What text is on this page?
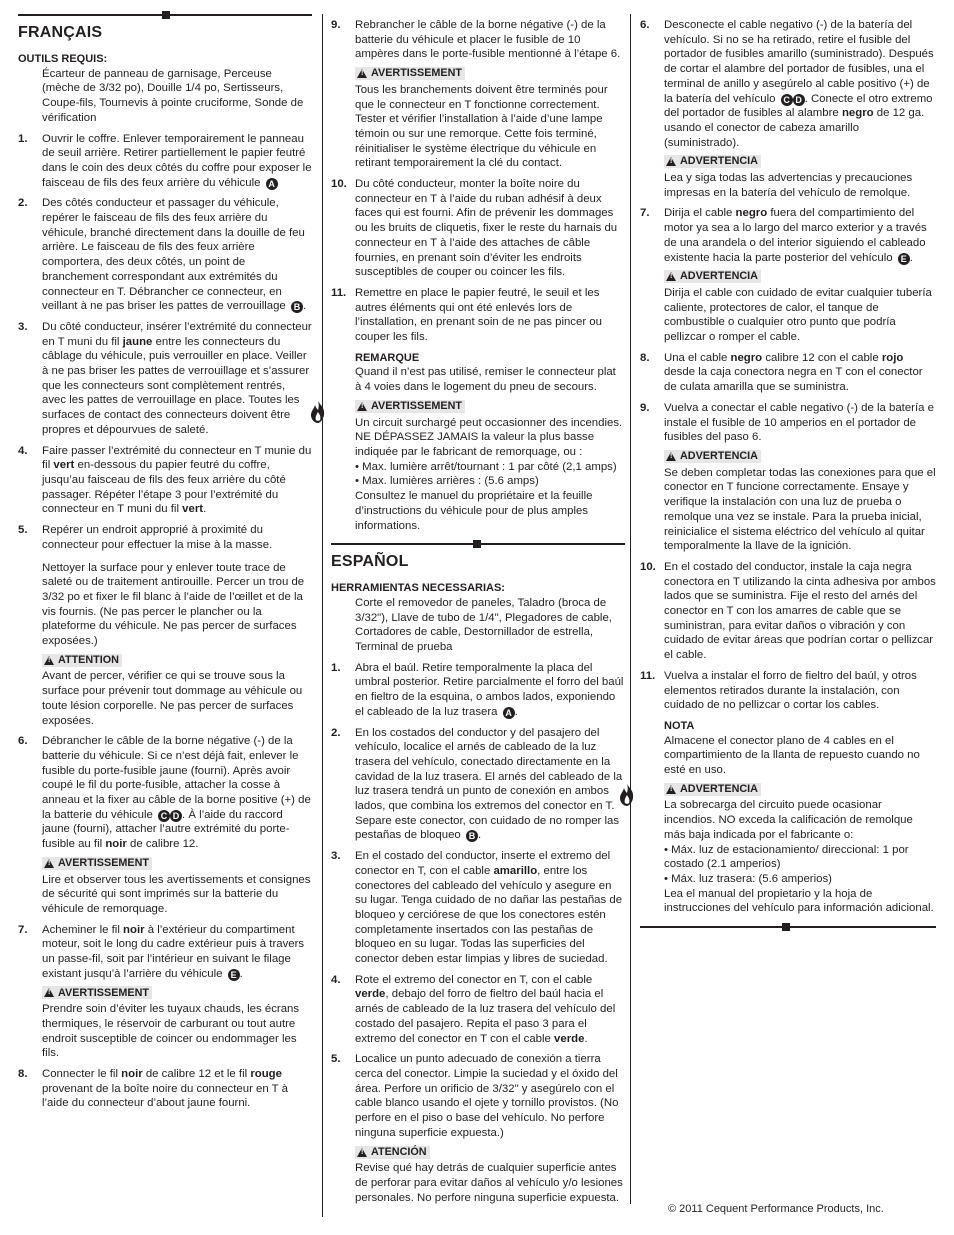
FRANÇAIS

OUTILS REQUIS:

Écarteur de panneau de garnisage, Perceuse (mèche de 3/32 po), Douille 1/4 po, Sertisseurs, Coupe-fils, Tournevis à pointe cruciforme, Sonde de vérification
1. Ouvrir le coffre. Enlever temporairement le panneau de seuil arrière. Retirer partiellement le papier feutré dans le coin des deux côtés du coffre pour exposer le faisceau de fils des feux arrière du véhicule A
2. Des côtés conducteur et passager du véhicule, repérer le faisceau de fils des feux arrière du véhicule, branché directement dans la douille de feu arrière. Le faisceau de fils des feux arrière comportera, des deux côtés, un point de branchement correspondant aux extrémités du connecteur en T. Débrancher ce connecteur, en veillant à ne pas briser les pattes de verrouillage B .
3. Du côté conducteur, insérer l’extrémité du connecteur en T muni du fil jaune entre les connecteurs du câblage du véhicule, puis verrouiller en place. Veiller à ne pas briser les pattes de verrouillage et s’assurer que les connecteurs sont complètement rentrés, avec les pattes de verrouillage en place. Toutes les surfaces de contact des connecteurs doivent être propres et dépourvues de saleté.
4. Faire passer l’extrémité du connecteur en T munie du fil vert en-dessous du papier feutré du coffre, jusqu’au faisceau de fils des feux arrière du côté passager. Répéter l’étape 3 pour l’extrémité du connecteur en T muni du fil vert.
5. Repérer un endroit approprié à proximité du connecteur pour effectuer la mise à la masse.
Nettoyer la surface pour y enlever toute trace de saleté ou de traitement antirouille. Percer un trou de 3/32 po et fixer le fil blanc à l’aide de l’œillet et de la vis fournis. (Ne pas percer le plancher ou la plateforme du véhicule. Ne pas percer de surfaces exposées.)
!
ATTENTION
Avant de percer, vérifier ce qui se trouve sous la surface pour prévenir tout dommage au véhicule ou toute lésion corporelle. Ne pas percer de surfaces exposées.
6. Débrancher le câble de la borne négative (-) de la batterie du véhicule. Si ce n’est déjà fait, enlever le fusible du porte-fusible jaune (fourni). Après avoir coupé le fil du porte-fusible, attacher la cosse à anneau et la fixer au câble de la borne positive (+) de la batterie du véhicule C D . À l’aide du raccord jaune (fourni), attacher l’autre extrémité du porte-fusible au fil noir de calibre 12.
!
AVERTISSEMENT
Lire et observer tous les avertissements et consignes de sécurité qui sont imprimés sur la batterie du véhicule de remorquage.
7. Acheminer le fil noir à l’extérieur du compartiment moteur, soit le long du cadre extérieur puis à travers un passe-fil, soit par l’intérieur en suivant le filage existant jusqu’à l’arrière du véhicule E .
!
AVERTISSEMENT
Prendre soin d’éviter les tuyaux chauds, les écrans thermiques, le réservoir de carburant ou tout autre endroit susceptible de coincer ou endommager les fils.
8. Connecter le fil noir de calibre 12 et le fil rouge provenant de la boîte noire du connecteur en T à l’aide du connecteur d’about jaune fourni.
9. Rebrancher le câble de la borne négative (-) de la batterie du véhicule et placer le fusible de 10 ampères dans le porte-fusible mentionné à l’étape 6.
!
AVERTISSEMENT
Tous les branchements doivent être terminés pour que le connecteur en T fonctionne correctement. Tester et vérifier l’installation à l’aide d’une lampe témoin ou sur une remorque. Cette fois terminé, réinitialiser le système électrique du véhicule en retirant temporairement la clé du contact.
10. Du côté conducteur, monter la boîte noire du connecteur en T à l’aide du ruban adhésif à deux faces qui est fourni. Afin de prévenir les dommages ou les bruits de cliquetis, fixer le reste du harnais du connecteur en T à l’aide des attaches de câble fournies, en prenant soin d’éviter les endroits susceptibles de couper ou coincer les fils.
11. Remettre en place le papier feutré, le seuil et les autres éléments qui ont été enlevés lors de l’installation, en prenant soin de ne pas pincer ou couper les fils.

REMARQUE

Quand il n’est pas utilisé, remiser le connecteur plat à 4 voies dans le logement du pneu de secours.
!
AVERTISSEMENT
Un circuit surchargé peut occasionner des incendies. NE DÉPASSEZ JAMAIS la valeur la plus basse indiquée par le fabricant de remorquage, ou :
• Max. lumière arrêt/tournant : 1 par côté (2,1 amps)
• Max. lumières arrières : (5.6 amps)
Consultez le manuel du propriétaire et la feuille d’instructions du véhicule pour de plus amples informations.
ESPAÑOL

HERRAMIENTAS NECESSARIAS:

Corte el removedor de paneles, Taladro (broca de 3/32"), Llave de tubo de 1/4", Plegadores de cable, Cortadores de cable, Destornillador de estrella, Terminal de prueba
1. Abra el baúl. Retire temporalmente la placa del umbral posterior. Retire parcialmente el forro del baúl en fieltro de la esquina, o ambos lados, exponiendo el cableado de la luz trasera A .
2. En los costados del conductor y del pasajero del vehículo, localice el arnés de cableado de la luz trasera del vehículo, conectado directamente en la cavidad de la luz trasera. El arnés del cableado de la luz trasera tendrá un punto de conexión en ambos lados, que combina los extremos del conector en T. Separe este conector, con cuidado de no romper las pestañas de bloqueo B .
3. En el costado del conductor, inserte el extremo del conector en T, con el cable amarillo, entre los conectores del cableado del vehículo y asegure en su lugar. Tenga cuidado de no dañar las pestañas de bloqueo y cerciórese de que los conectores estén completamente insertados con las pestañas de bloqueo en su lugar. Todas las superficies del conector deben estar limpias y libres de suciedad.
4. Rote el extremo del conector en T, con el cable verde, debajo del forro de fieltro del baúl hacia el arnés de cableado de la luz trasera del vehículo del costado del pasajero. Repita el paso 3 para el extremo del conector en T con el cable verde.
5. Localice un punto adecuado de conexión a tierra cerca del conector. Limpie la suciedad y el óxido del área. Perfore un orificio de 3/32" y asegúrelo con el cable blanco usando el ojete y tornillo provistos. (No perfore en el piso o base del vehículo. No perfore ninguna superficie expuesta.)
!
ATENCIÓN
Revise qué hay detrás de cualquier superficie antes de perforar para evitar daños al vehículo y/o lesiones personales. No perfore ninguna superficie expuesta.
6. Desconecte el cable negativo (-) de la batería del vehículo. Si no se ha retirado, retire el fusible del portador de fusibles amarillo (suministrado). Después de cortar el alambre del portador de fusibles, una el terminal de anillo y asegúrelo al cable positivo (+) de la batería del vehículo C D . Conecte el otro extremo del portador de fusibles al alambre negro de 12 ga. usando el conector de cabeza amarillo (suministrado).
!
ADVERTENCIA
Lea y siga todas las advertencias y precauciones impresas en la batería del vehículo de remolque.
7. Dirija el cable negro fuera del compartimiento del motor ya sea a lo largo del marco exterior y a través de una arandela o del interior siguiendo el cableado existente hacia la parte posterior del vehículo E .
!
ADVERTENCIA
Dirija el cable con cuidado de evitar cualquier tubería caliente, protectores de calor, el tanque de combustible o cualquier otro punto que podría pellizcar o romper el cable.
8. Una el cable negro calibre 12 con el cable rojo desde la caja conectora negra en T con el conector de culata amarilla que se suministra.
9. Vuelva a conectar el cable negativo (-) de la batería e instale el fusible de 10 amperios en el portador de fusibles del paso 6.
!
ADVERTENCIA
Se deben completar todas las conexiones para que el conector en T funcione correctamente. Ensaye y verifique la instalación con una luz de prueba o remolque una vez se instale. Para la prueba inicial, reinicialice el sistema eléctrico del vehículo al quitar temporalmente la llave de la ignición.
10. En el costado del conductor, instale la caja negra conectora en T utilizando la cinta adhesiva por ambos lados que se suministra. Fije el resto del arnés del conector en T con los amarres de cable que se suministran, para evitar daños o vibración y con cuidado de evitar áreas que podrían cortar o pellizcar el cable.
11. Vuelva a instalar el forro de fieltro del baúl, y otros elementos retirados durante la instalación, con cuidado de no pellizcar o cortar los cables.

NOTA

Almacene el conector plano de 4 cables en el compartimiento de la llanta de repuesto cuando no esté en uso.
!
ADVERTENCIA
La sobrecarga del circuito puede ocasionar incendios. NO exceda la calificación de remolque más baja indicada por el fabricante o:
• Máx. luz de estacionamiento/ direccional: 1 por costado (2.1 amperios)
• Máx. luz trasera: (5.6 amperios)
Lea el manual del propietario y la hoja de instrucciones del vehículo para información adicional.
© 2011 Cequent Performance Products, Inc.
